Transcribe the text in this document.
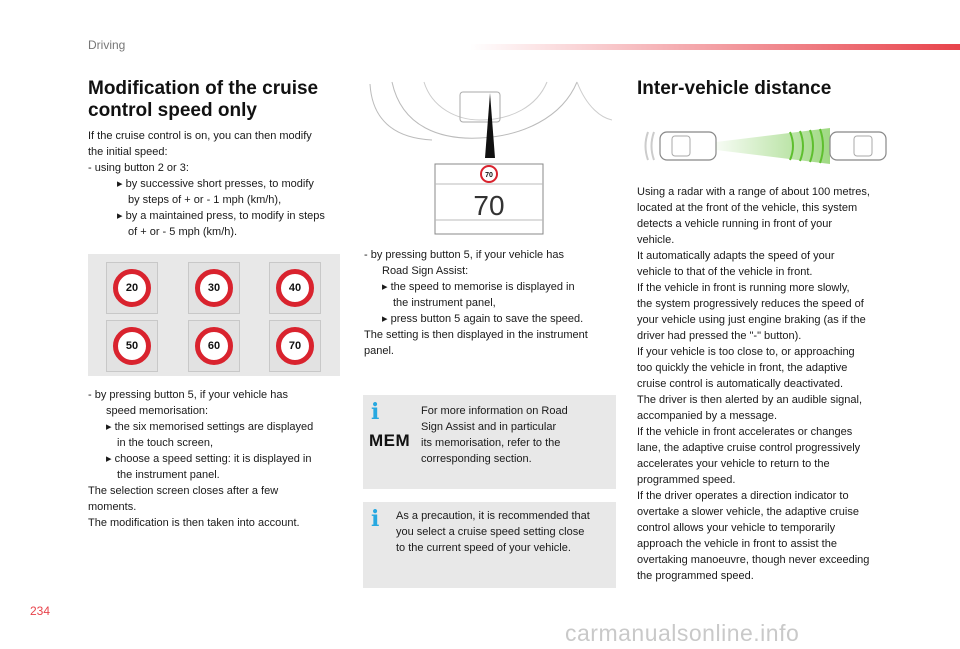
Driving
Modification of the cruise
control speed only
If the cruise control is on, you can then modify
the initial speed:
- using button 2 or 3:
▸ by successive short presses, to modify
by steps of + or - 1 mph (km/h),
▸ by a maintained press, to modify in steps
of + or - 5 mph (km/h).
20	30	40
50	60	70
- by pressing button 5, if your vehicle has
speed memorisation:
▸ the six memorised settings are displayed
in the touch screen,
▸ choose a speed setting: it is displayed in
the instrument panel.
The selection screen closes after a few
moments.
The modification is then taken into account.
70
70
- by pressing button 5, if your vehicle has
Road Sign Assist:
▸ the speed to memorise is displayed in
the instrument panel,
▸ press button 5 again to save the speed.
The setting is then displayed in the instrument
panel.
i
MEM
For more information on Road
Sign Assist and in particular
its memorisation, refer to the
corresponding section.
i As a precaution, it is recommended that
you select a cruise speed setting close
to the current speed of your vehicle.
Inter-vehicle distance
Using a radar with a range of about 100 metres,
located at the front of the vehicle, this system
detects a vehicle running in front of your
vehicle.
It automatically adapts the speed of your
vehicle to that of the vehicle in front.
If the vehicle in front is running more slowly,
the system progressively reduces the speed of
your vehicle using just engine braking (as if the
driver had pressed the "-" button).
If your vehicle is too close to, or approaching
too quickly the vehicle in front, the adaptive
cruise control is automatically deactivated.
The driver is then alerted by an audible signal,
accompanied by a message.
If the vehicle in front accelerates or changes
lane, the adaptive cruise control progressively
accelerates your vehicle to return to the
programmed speed.
If the driver operates a direction indicator to
overtake a slower vehicle, the adaptive cruise
control allows your vehicle to temporarily
approach the vehicle in front to assist the
overtaking manoeuvre, though never exceeding
the programmed speed.
234
carmanualsonline.info
